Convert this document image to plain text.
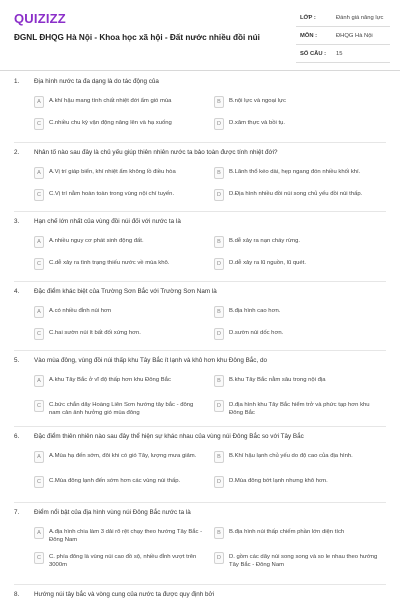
QUIZIZZ
ĐGNL ĐHQG Hà Nội - Khoa học xã hội - Đất nước nhiều đồi núi
LỚP :	Đánh giá năng lực
MÔN :	ĐHQG Hà Nội
SỐ CÂU : 15
1. Địa hình nước ta đa dạng là do tác động của
A	A.khí hậu mang tính chất nhiệt đới ẩm gió mùa	B	B.nội lực và ngoại lực
C	C.nhiều chu kỳ vận động nâng lên và hạ xuống	D	D.xâm thực và bồi tụ.
2. Nhân tố nào sau đây là chủ yếu giúp thiên nhiên nước ta bảo toàn được tính nhiệt đới?
A	A.Vị trí giáp biển, khí nhiệt ẩm không lồ điều hòa	B	B.Lãnh thổ kéo dài, hẹp ngang đón nhiều khối khí.
C	C.Vị trí nằm hoàn toàn trong vùng nội chí tuyến.	D	D.Địa hình nhiều đồi núi song chủ yếu đồi núi thấp.
3. Hạn chế lớn nhất của vùng đồi núi đối với nước ta là
A	A.nhiều nguy cơ phát sinh động đất.	B	B.dễ xảy ra nạn cháy rừng.
C	C.dễ xảy ra tình trạng thiếu nước về mùa khô.	D	D.dễ xảy ra lũ nguồn, lũ quét.
4. Đặc điểm khác biệt của Trường Sơn Bắc với Trường Sơn Nam là
A	A.có nhiều đỉnh núi hơn	B	B.địa hình cao hơn.
C	C.hai sườn núi ít bất đối xứng hơn.	D	D.sườn núi dốc hơn.
5. Vào mùa đông, vùng đồi núi thấp khu Tây Bắc ít lạnh và khô hơn khu Đông Bắc, do
A	A.khu Tây Bắc ở vĩ độ thấp hơn khu Đông Bắc	B	B.khu Tây Bắc nằm sâu trong nội địa
C	C.bức chắn dãy Hoàng Liên Sơn hướng tây bắc - đông nam cản ảnh hưởng gió mùa đông
D	D.địa hình khu Tây Bắc hiểm trở và phức tạp hơn khu Đông Bắc
6. Đặc điểm thiên nhiên nào sau đây thể hiện sự khác nhau của vùng núi Đông Bắc so với Tây Bắc
A	A.Mùa hạ đến sớm, đôi khi có gió Tây, lượng mưa giảm.	B	B.Khí hậu lạnh chủ yếu do độ cao của địa hình.
C	C.Mùa đông lạnh đến sớm hơn các vùng núi thấp.	D	D.Mùa đông bớt lạnh nhưng khô hơn.
7. Điểm nổi bật của địa hình vùng núi Đông Bắc nước ta là
A	A.địa hình chia làm 3 dải rõ rệt chạy theo hướng Tây Bắc - Đông Nam
B	B.địa hình núi thấp chiếm phần lớn diện tích
C	C. phía đông là vùng núi cao đồ sộ, nhiều đỉnh vượt trên 3000m
D	D. gồm các dãy núi song song và so le nhau theo hướng Tây Bắc - Đông Nam
8. Hướng núi tây bắc và vòng cung của nước ta được quy định bởi
